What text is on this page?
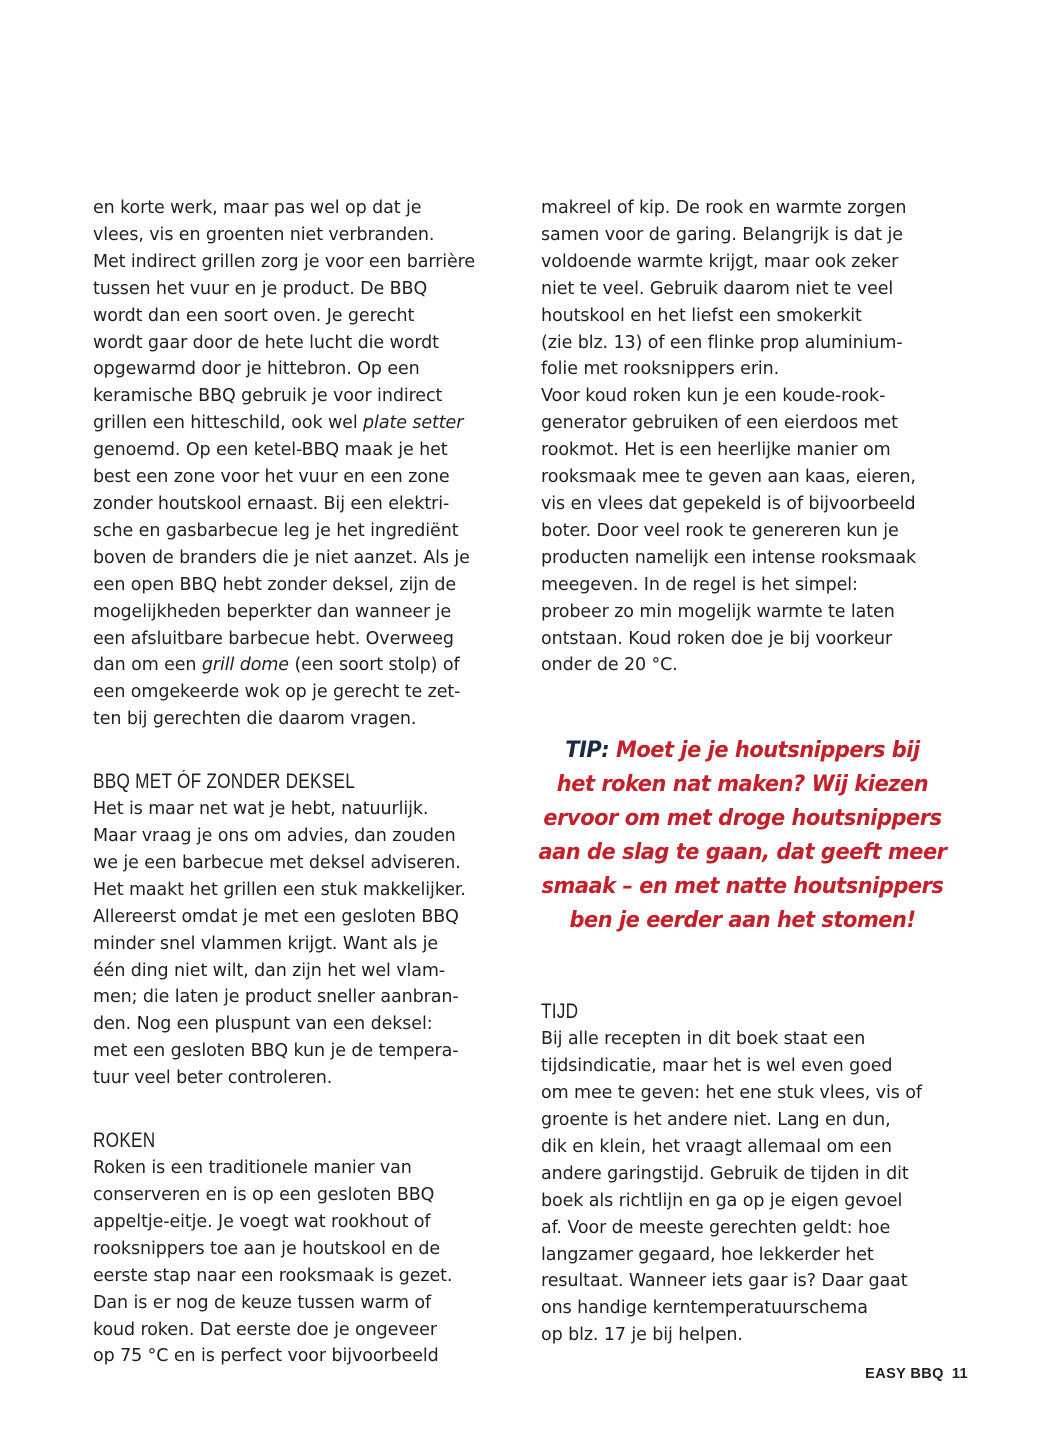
en korte werk, maar pas wel op dat je
vlees, vis en groenten niet verbranden.
Met indirect grillen zorg je voor een barrière
tussen het vuur en je product. De BBQ
wordt dan een soort oven. Je gerecht
wordt gaar door de hete lucht die wordt
opgewarmd door je hittebron. Op een
keramische BBQ gebruik je voor indirect
grillen een hitteschild, ook wel plate setter
genoemd. Op een ketel-BBQ maak je het
best een zone voor het vuur en een zone
zonder houtskool ernaast. Bij een elektri-
sche en gasbarbecue leg je het ingrediënt
boven de branders die je niet aanzet. Als je
een open BBQ hebt zonder deksel, zijn de
mogelijkheden beperkter dan wanneer je
een afsluitbare barbecue hebt. Overweeg
dan om een grill dome (een soort stolp) of
een omgekeerde wok op je gerecht te zet-
ten bij gerechten die daarom vragen.
BBQ MET ÓF ZONDER DEKSEL
Het is maar net wat je hebt, natuurlijk.
Maar vraag je ons om advies, dan zouden
we je een barbecue met deksel adviseren.
Het maakt het grillen een stuk makkelijker.
Allereerst omdat je met een gesloten BBQ
minder snel vlammen krijgt. Want als je
één ding niet wilt, dan zijn het wel vlam-
men; die laten je product sneller aanbran-
den. Nog een pluspunt van een deksel:
met een gesloten BBQ kun je de tempera-
tuur veel beter controleren.
ROKEN
Roken is een traditionele manier van
conserveren en is op een gesloten BBQ
appeltje-eitje. Je voegt wat rookhout of
rooksnippers toe aan je houtskool en de
eerste stap naar een rooksmaak is gezet.
Dan is er nog de keuze tussen warm of
koud roken. Dat eerste doe je ongeveer
op 75 °C en is perfect voor bijvoorbeeld
makreel of kip. De rook en warmte zorgen
samen voor de garing. Belangrijk is dat je
voldoende warmte krijgt, maar ook zeker
niet te veel. Gebruik daarom niet te veel
houtskool en het liefst een smokerkit
(zie blz. 13) of een flinke prop aluminium-
folie met rooksnippers erin.
Voor koud roken kun je een koude-rook-
generator gebruiken of een eierdoos met
rookmot. Het is een heerlijke manier om
rooksmaak mee te geven aan kaas, eieren,
vis en vlees dat gepekeld is of bijvoorbeeld
boter. Door veel rook te genereren kun je
producten namelijk een intense rooksmaak
meegeven. In de regel is het simpel:
probeer zo min mogelijk warmte te laten
ontstaan. Koud roken doe je bij voorkeur
onder de 20 °C.
TIJD
Bij alle recepten in dit boek staat een
tijdsindicatie, maar het is wel even goed
om mee te geven: het ene stuk vlees, vis of
groente is het andere niet. Lang en dun,
dik en klein, het vraagt allemaal om een
andere garingstijd. Gebruik de tijden in dit
boek als richtlijn en ga op je eigen gevoel
af. Voor de meeste gerechten geldt: hoe
langzamer gegaard, hoe lekkerder het
resultaat. Wanneer iets gaar is? Daar gaat
ons handige kerntemperatuurschema
op blz. 17 je bij helpen.
TIP: Moet je je houtsnippers bij
het roken nat maken? Wij kiezen
ervoor om met droge houtsnippers
aan de slag te gaan, dat geeft meer
smaak – en met natte houtsnippers
ben je eerder aan het stomen!
EASY BBQ 11
